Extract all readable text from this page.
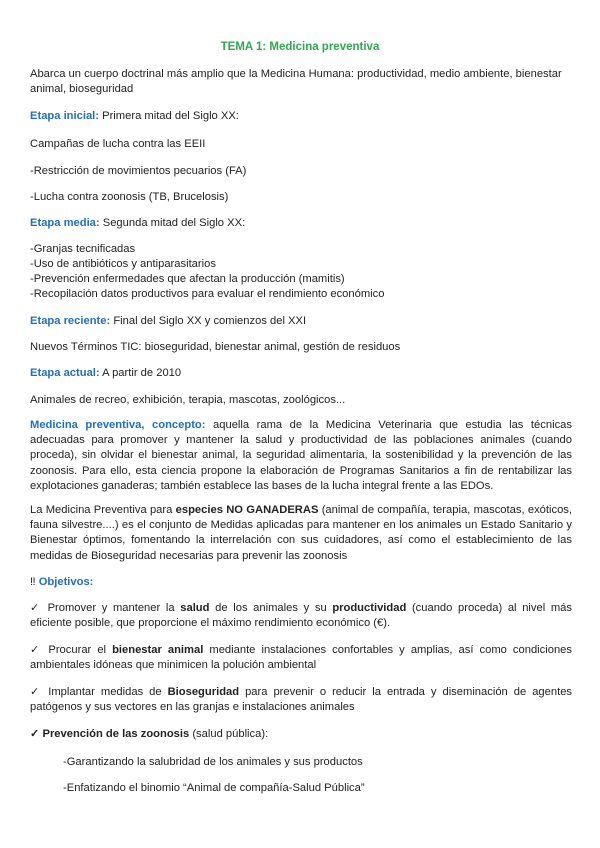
TEMA 1: Medicina preventiva

Abarca un cuerpo doctrinal más amplio que la Medicina Humana: productividad, medio ambiente, bienestar animal, bioseguridad

Etapa inicial: Primera mitad del Siglo XX:

Campañas de lucha contra las EEII

-Restricción de movimientos pecuarios (FA)

-Lucha contra zoonosis (TB, Brucelosis)

Etapa media: Segunda mitad del Siglo XX:

-Granjas tecnificadas

-Uso de antibióticos y antiparasitarios

-Prevención enfermedades que afectan la producción (mamitis)

-Recopilación datos productivos para evaluar el rendimiento económico

Etapa reciente: Final del Siglo XX y comienzos del XXI

Nuevos Términos TIC: bioseguridad, bienestar animal, gestión de residuos

Etapa actual: A partir de 2010

Animales de recreo, exhibición, terapia, mascotas, zoológicos...

Medicina preventiva, concepto: aquella rama de la Medicina Veterinaria que estudia las técnicas adecuadas para promover y mantener la salud y productividad de las poblaciones animales (cuando proceda), sin olvidar el bienestar animal, la seguridad alimentaria, la sostenibilidad y la prevención de las zoonosis. Para ello, esta ciencia propone la elaboración de Programas Sanitarios a fin de rentabilizar las explotaciones ganaderas; también establece las bases de la lucha integral frente a las EDOs.

La Medicina Preventiva para especies NO GANADERAS (animal de compañía, terapia, mascotas, exóticos, fauna silvestre....) es el conjunto de Medidas aplicadas para mantener en los animales un Estado Sanitario y Bienestar óptimos, fomentando la interrelación con sus cuidadores, así como el establecimiento de las medidas de Bioseguridad necesarias para prevenir las zoonosis

‼ Objetivos:

✓ Promover y mantener la salud de los animales y su productividad (cuando proceda) al nivel más eficiente posible, que proporcione el máximo rendimiento económico (€).

✓ Procurar el bienestar animal mediante instalaciones confortables y amplias, así como condiciones ambientales idóneas que minimicen la polución ambiental

✓ Implantar medidas de Bioseguridad para prevenir o reducir la entrada y diseminación de agentes patógenos y sus vectores en las granjas e instalaciones animales

✓ Prevención de las zoonosis (salud pública):

-Garantizando la salubridad de los animales y sus productos

-Enfatizando el binomio “Animal de compañía-Salud Pública”
